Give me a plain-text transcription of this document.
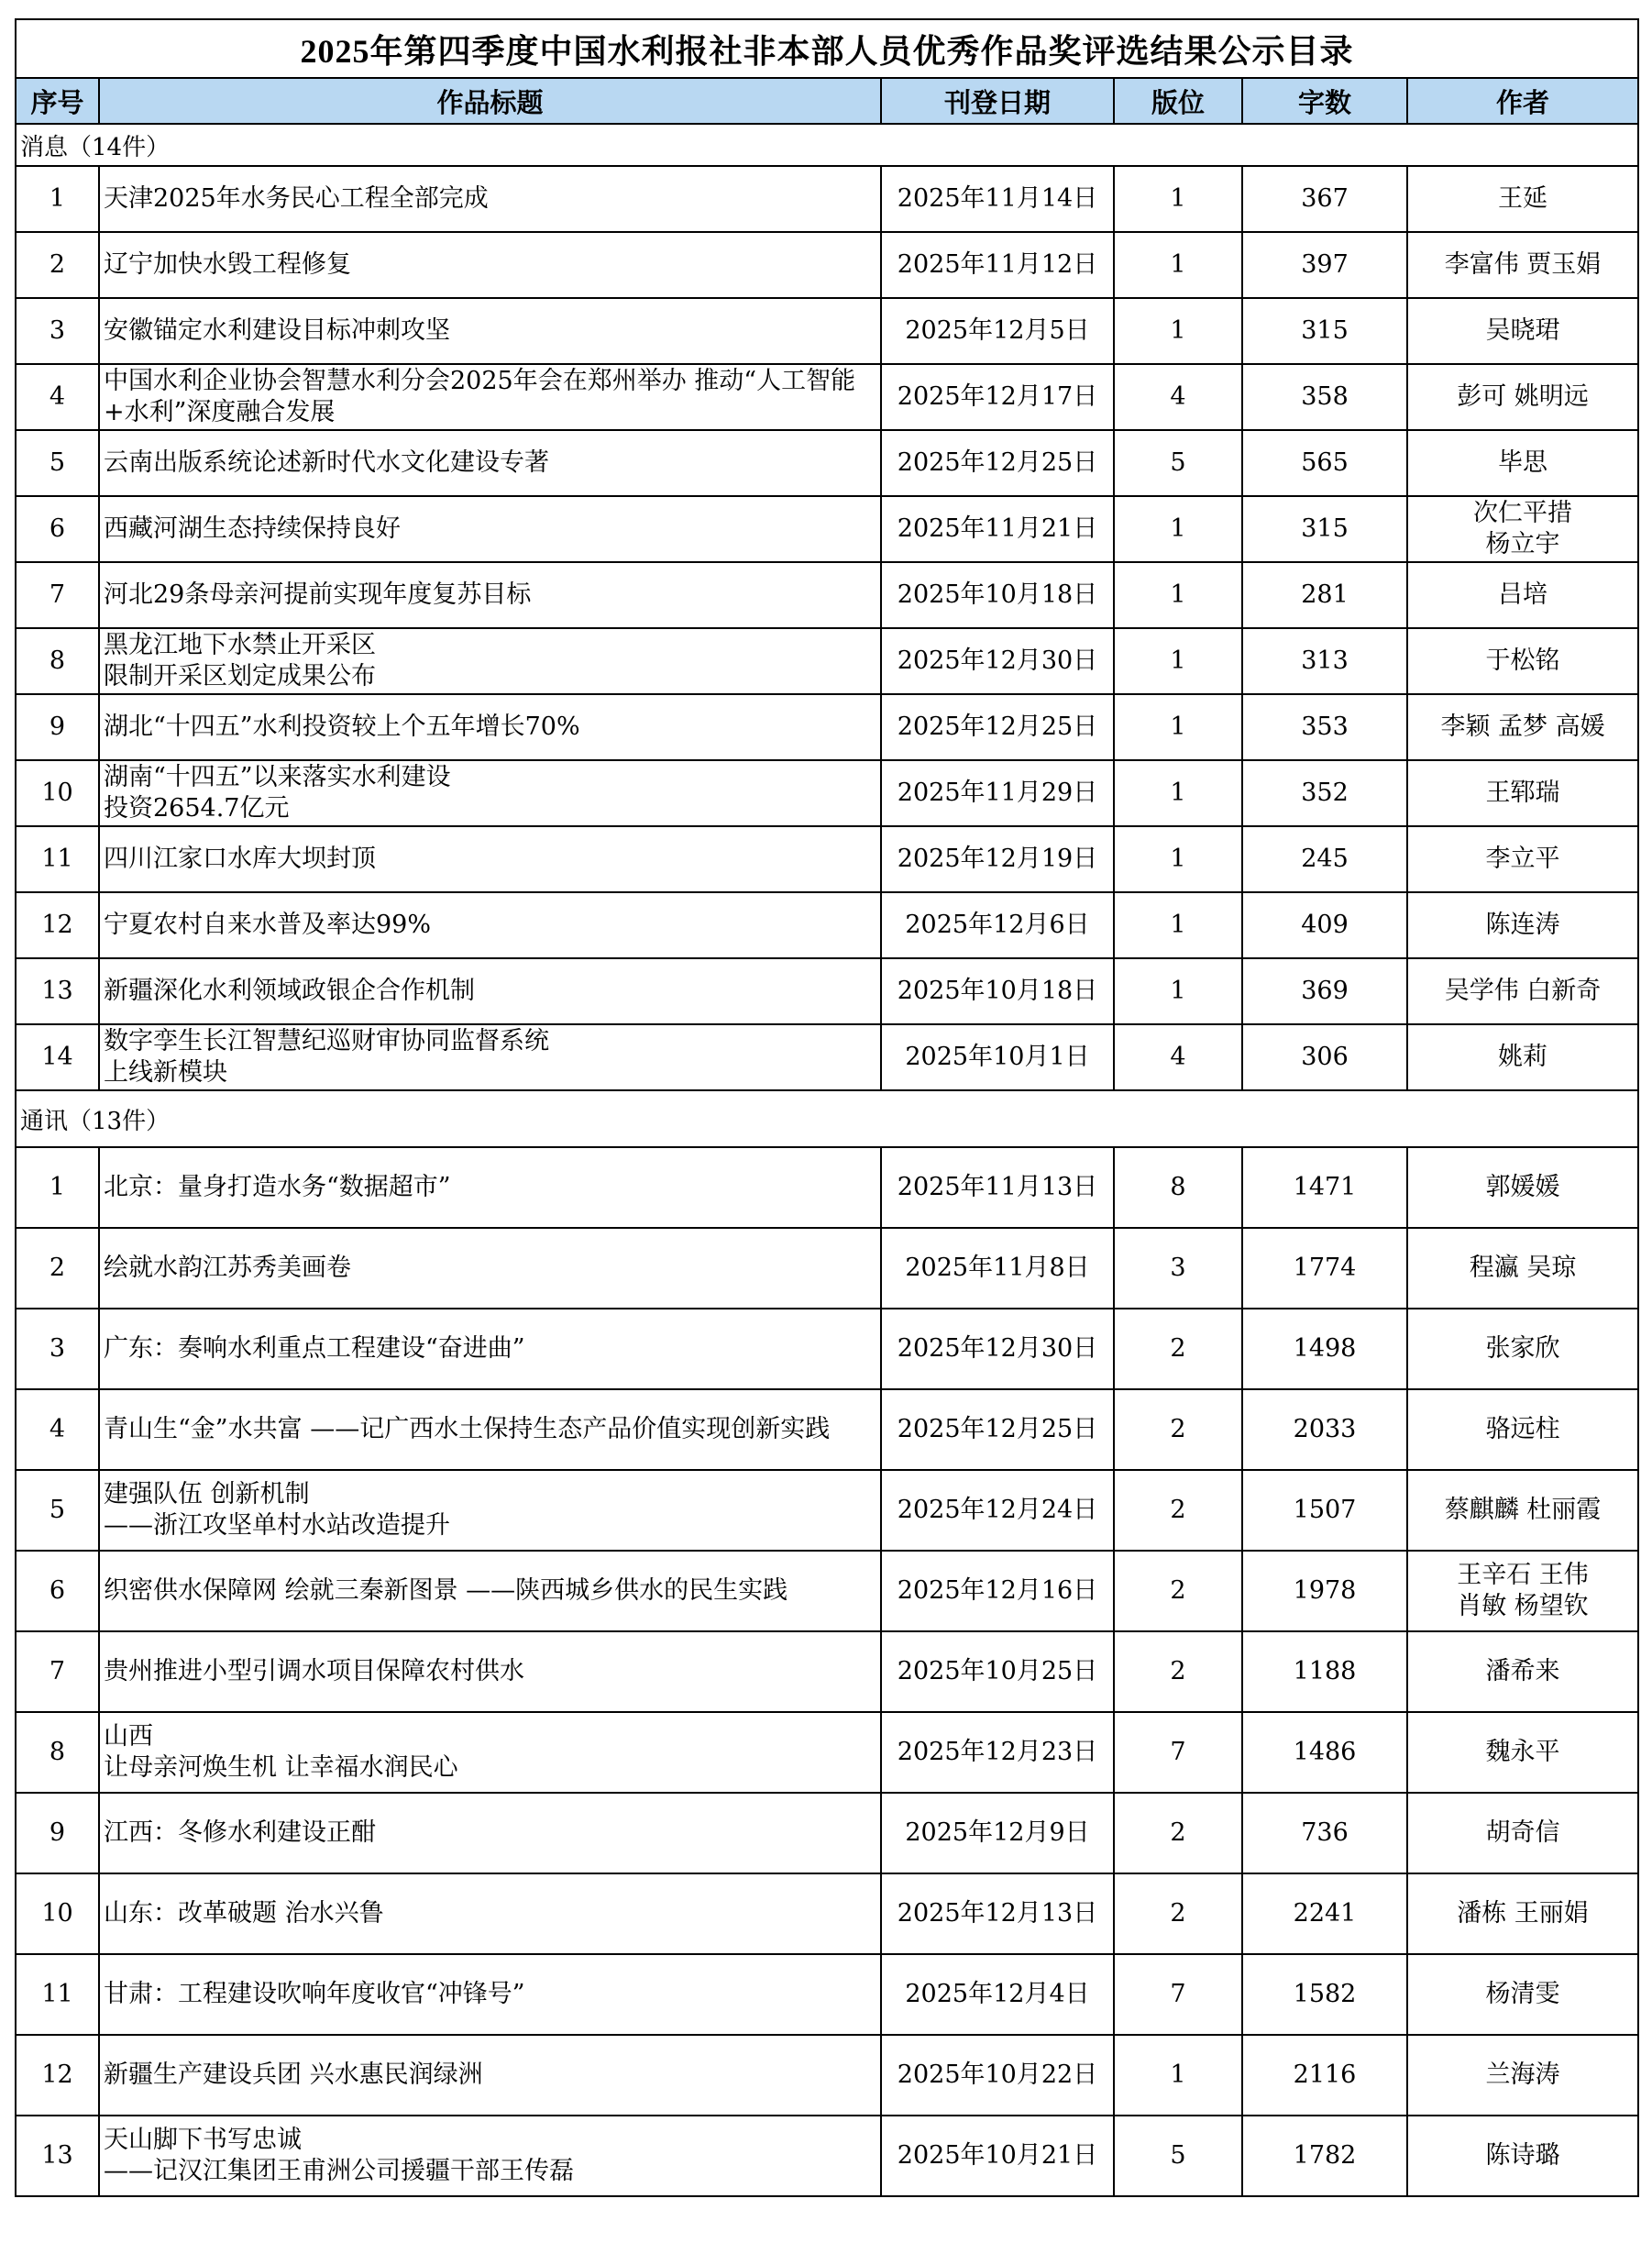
2025年第四季度中国水利报社非本部人员优秀作品奖评选结果公示目录					
序号	作品标题	刊登日期	版位	字数	作者
消息（14件）					
1	天津2025年水务民心工程全部完成	2025年11月14日	1	367	王延
2	辽宁加快水毁工程修复	2025年11月12日	1	397	李富伟 贾玉娟
3	安徽锚定水利建设目标冲刺攻坚	2025年12月5日	1	315	吴晓珺
4	中国水利企业协会智慧水利分会2025年会在郑州举办 推动“人工智能+水利”深度融合发展	2025年12月17日	4	358	彭可 姚明远
5	云南出版系统论述新时代水文化建设专著	2025年12月25日	5	565	毕思
6	西藏河湖生态持续保持良好	2025年11月21日	1	315	次仁平措
杨立宇
7	河北29条母亲河提前实现年度复苏目标	2025年10月18日	1	281	吕培
8	黑龙江地下水禁止开采区
限制开采区划定成果公布	2025年12月30日	1	313	于松铭
9	湖北“十四五”水利投资较上个五年增长70%	2025年12月25日	1	353	李颖 孟梦 高媛
10	湖南“十四五”以来落实水利建设
投资2654.7亿元	2025年11月29日	1	352	王郓瑞
11	四川江家口水库大坝封顶	2025年12月19日	1	245	李立平
12	宁夏农村自来水普及率达99%	2025年12月6日	1	409	陈连涛
13	新疆深化水利领域政银企合作机制	2025年10月18日	1	369	吴学伟 白新奇
14	数字孪生长江智慧纪巡财审协同监督系统
上线新模块	2025年10月1日	4	306	姚莉
通讯（13件）					
1	北京：量身打造水务“数据超市”	2025年11月13日	8	1471	郭媛媛
2	绘就水韵江苏秀美画卷	2025年11月8日	3	1774	程瀛 吴琼
3	广东：奏响水利重点工程建设“奋进曲”	2025年12月30日	2	1498	张家欣
4	青山生“金”水共富 ——记广西水土保持生态产品价值实现创新实践	2025年12月25日	2	2033	骆远柱
5	建强队伍 创新机制
——浙江攻坚单村水站改造提升	2025年12月24日	2	1507	蔡麒麟 杜丽霞
6	织密供水保障网 绘就三秦新图景 ——陕西城乡供水的民生实践	2025年12月16日	2	1978	王辛石 王伟
肖敏 杨望钦
7	贵州推进小型引调水项目保障农村供水	2025年10月25日	2	1188	潘希来
8	山西
让母亲河焕生机 让幸福水润民心	2025年12月23日	7	1486	魏永平
9	江西：冬修水利建设正酣	2025年12月9日	2	736	胡奇信
10	山东：改革破题 治水兴鲁	2025年12月13日	2	2241	潘栋 王丽娟
11	甘肃：工程建设吹响年度收官“冲锋号”	2025年12月4日	7	1582	杨清雯
12	新疆生产建设兵团 兴水惠民润绿洲	2025年10月22日	1	2116	兰海涛
13	天山脚下书写忠诚
——记汉江集团王甫洲公司援疆干部王传磊	2025年10月21日	5	1782	陈诗璐
